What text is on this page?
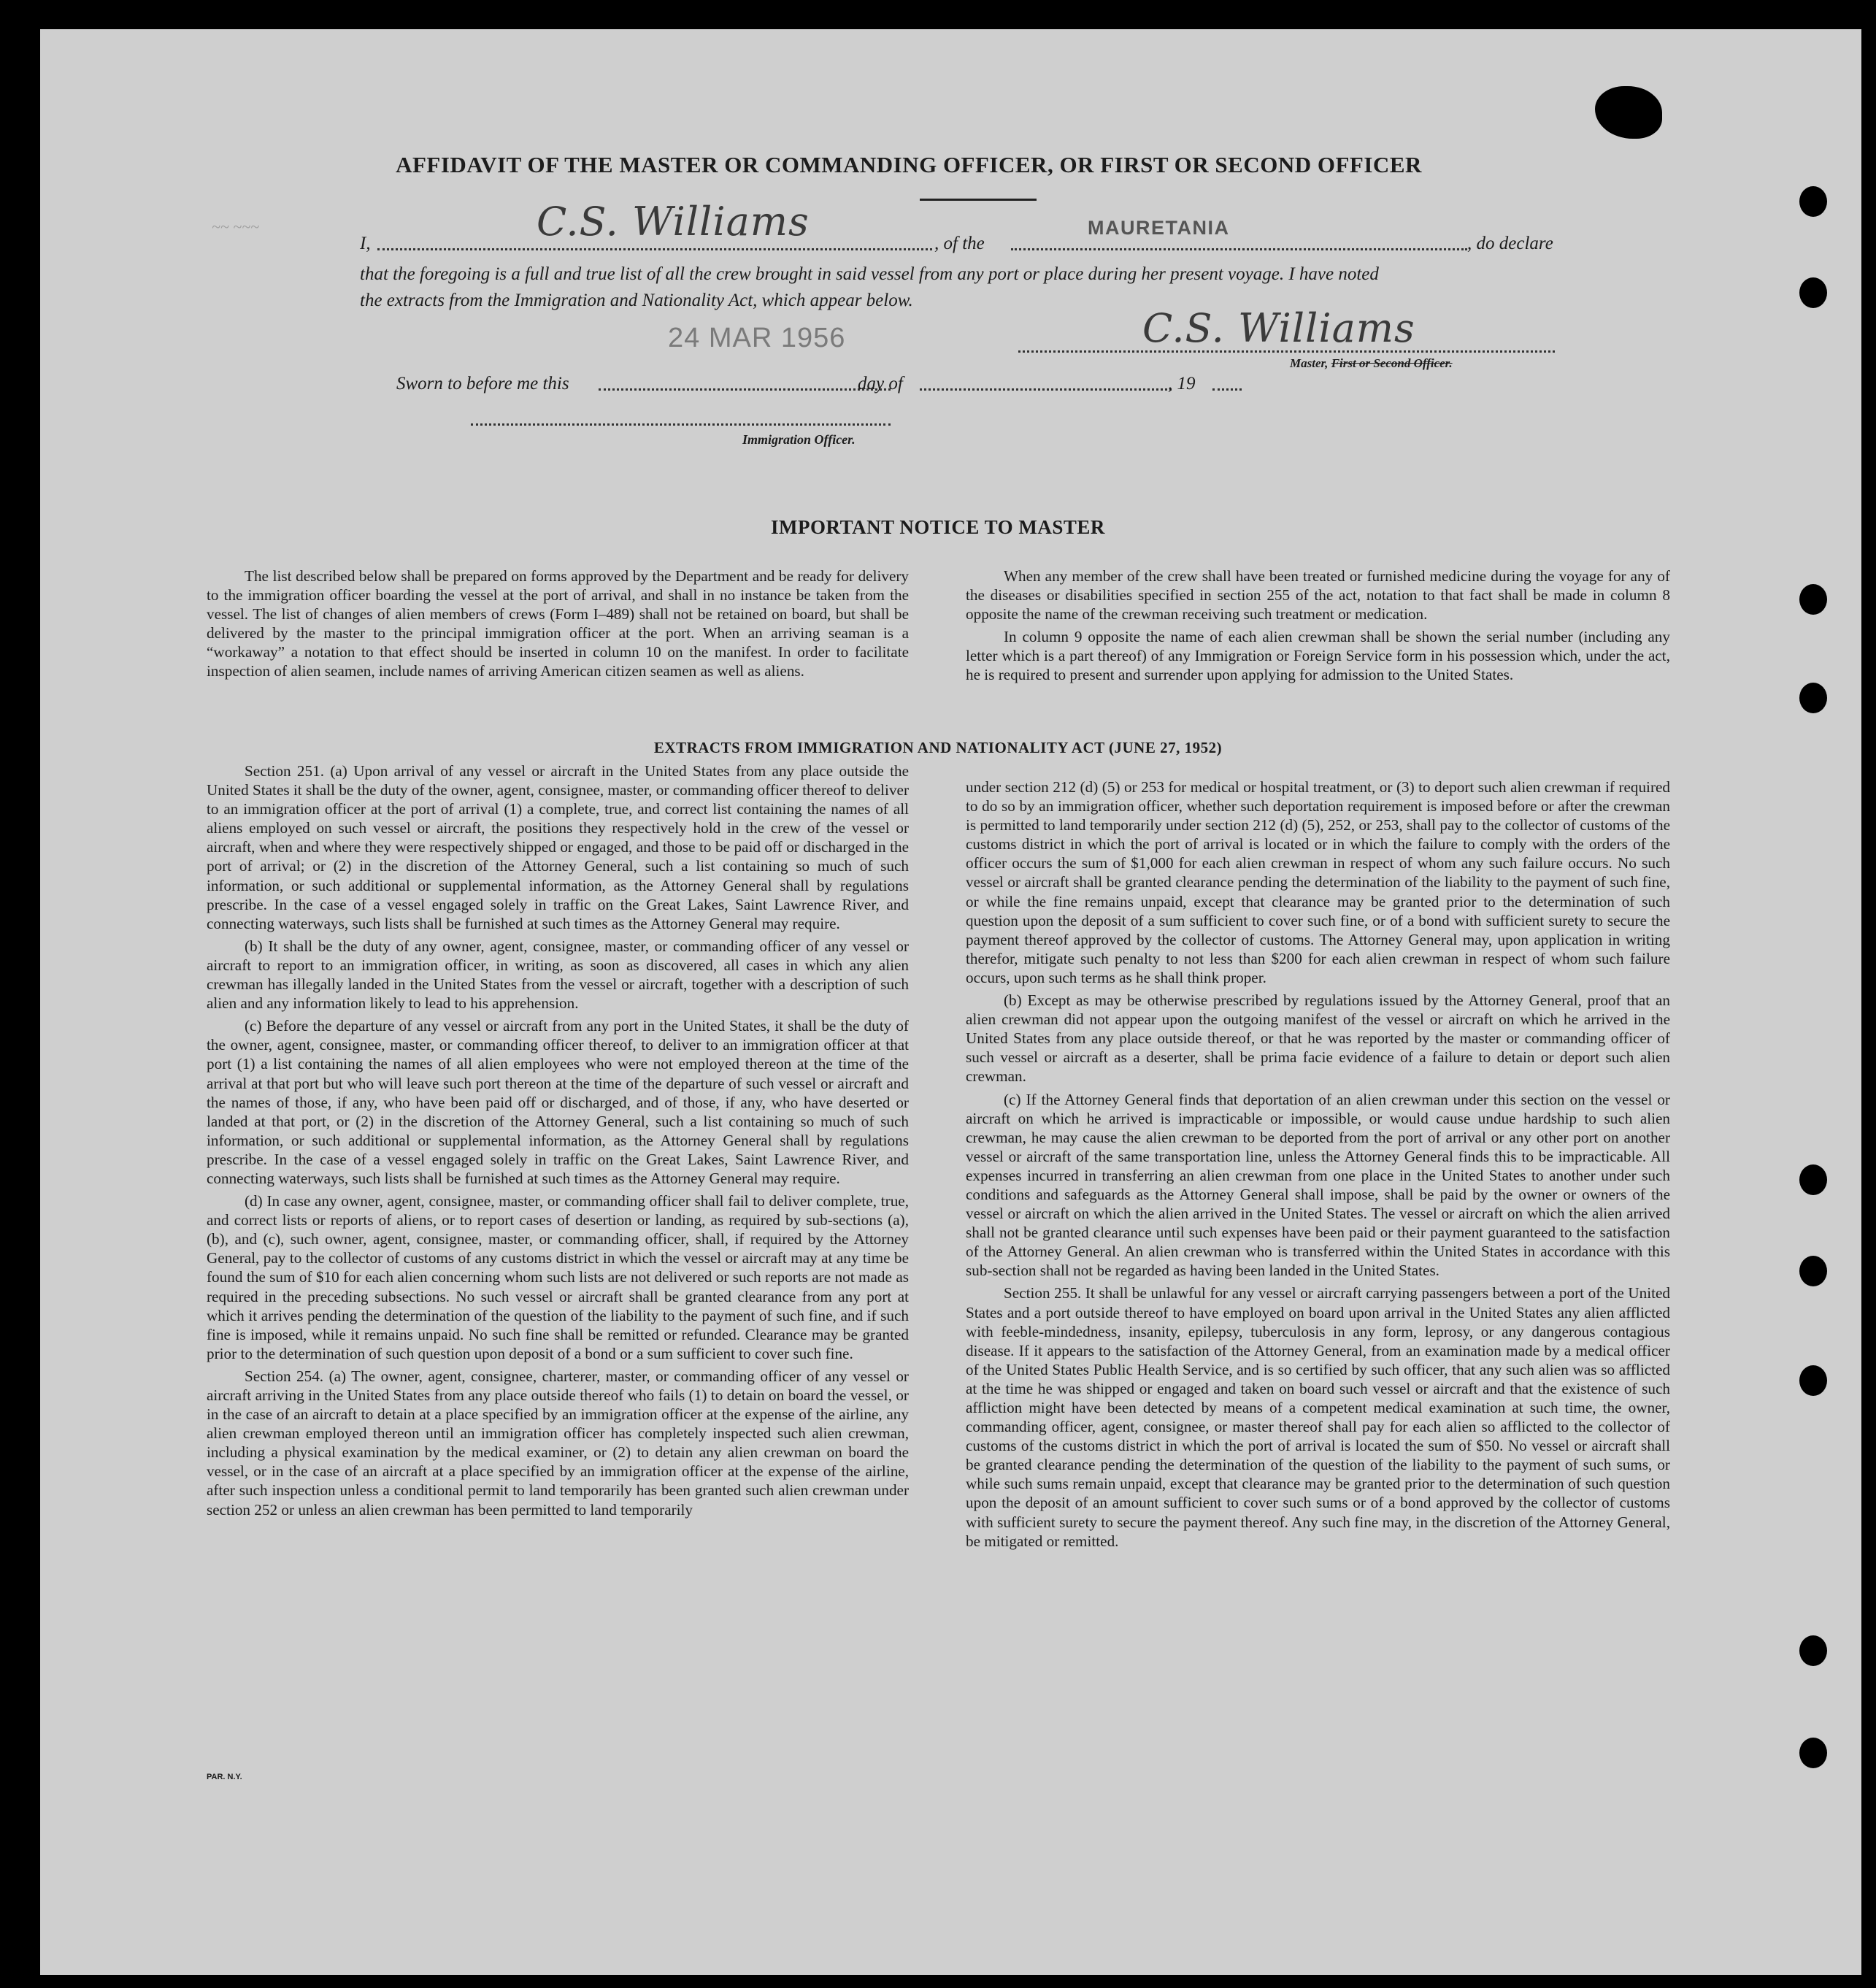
AFFIDAVIT OF THE MASTER OR COMMANDING OFFICER, OR FIRST OR SECOND OFFICER
~~ ~~~
I,	C.S. Williams	, of the
MAURETANIA
, do declare
that the foregoing is a full and true list of all the crew brought in said vessel from any port or place during her present voyage. I have noted
the extracts from the Immigration and Nationality Act, which appear below.
24 MAR 1956	C.S. Williams
Master, First or Second Officer.
Sworn to before me this	day of	, 19
Immigration Officer.
IMPORTANT NOTICE TO MASTER

The list described below shall be prepared on forms approved by the Department and be ready for delivery to the immigration officer boarding the vessel at the port of arrival, and shall in no instance be taken from the vessel. The list of changes of alien members of crews (Form I–489) shall not be retained on board, but shall be delivered by the master to the principal immigration officer at the port. When an arriving seaman is a “workaway” a notation to that effect should be inserted in column 10 on the manifest. In order to facilitate inspection of alien seamen, include names of arriving American citizen seamen as well as aliens.

When any member of the crew shall have been treated or furnished medicine during the voyage for any of the diseases or disabilities specified in section 255 of the act, notation to that fact shall be made in column 8 opposite the name of the crewman receiving such treatment or medication.

In column 9 opposite the name of each alien crewman shall be shown the serial number (including any letter which is a part thereof) of any Immigration or Foreign Service form in his possession which, under the act, he is required to present and surrender upon applying for admission to the United States.

EXTRACTS FROM IMMIGRATION AND NATIONALITY ACT (JUNE 27, 1952)

Section 251. (a) Upon arrival of any vessel or aircraft in the United States from any place outside the United States it shall be the duty of the owner, agent, consignee, master, or commanding officer thereof to deliver to an immigration officer at the port of arrival (1) a complete, true, and correct list containing the names of all aliens employed on such vessel or aircraft, the positions they respectively hold in the crew of the vessel or aircraft, when and where they were respectively shipped or engaged, and those to be paid off or discharged in the port of arrival; or (2) in the discretion of the Attorney General, such a list containing so much of such information, or such additional or supplemental information, as the Attorney General shall by regulations prescribe. In the case of a vessel engaged solely in traffic on the Great Lakes, Saint Lawrence River, and connecting waterways, such lists shall be furnished at such times as the Attorney General may require.

(b) It shall be the duty of any owner, agent, consignee, master, or commanding officer of any vessel or aircraft to report to an immigration officer, in writing, as soon as discovered, all cases in which any alien crewman has illegally landed in the United States from the vessel or aircraft, together with a description of such alien and any information likely to lead to his apprehension.

(c) Before the departure of any vessel or aircraft from any port in the United States, it shall be the duty of the owner, agent, consignee, master, or commanding officer thereof, to deliver to an immigration officer at that port (1) a list containing the names of all alien employees who were not employed thereon at the time of the arrival at that port but who will leave such port thereon at the time of the departure of such vessel or aircraft and the names of those, if any, who have been paid off or discharged, and of those, if any, who have deserted or landed at that port, or (2) in the discretion of the Attorney General, such a list containing so much of such information, or such additional or supplemental information, as the Attorney General shall by regulations prescribe. In the case of a vessel engaged solely in traffic on the Great Lakes, Saint Lawrence River, and connecting waterways, such lists shall be furnished at such times as the Attorney General may require.

(d) In case any owner, agent, consignee, master, or commanding officer shall fail to deliver complete, true, and correct lists or reports of aliens, or to report cases of desertion or landing, as required by sub-sections (a), (b), and (c), such owner, agent, consignee, master, or commanding officer, shall, if required by the Attorney General, pay to the collector of customs of any customs district in which the vessel or aircraft may at any time be found the sum of $10 for each alien concerning whom such lists are not delivered or such reports are not made as required in the preceding subsections. No such vessel or aircraft shall be granted clearance from any port at which it arrives pending the determination of the question of the liability to the payment of such fine, and if such fine is imposed, while it remains unpaid. No such fine shall be remitted or refunded. Clearance may be granted prior to the determination of such question upon deposit of a bond or a sum sufficient to cover such fine.

Section 254. (a) The owner, agent, consignee, charterer, master, or commanding officer of any vessel or aircraft arriving in the United States from any place outside thereof who fails (1) to detain on board the vessel, or in the case of an aircraft to detain at a place specified by an immigration officer at the expense of the airline, any alien crewman employed thereon until an immigration officer has completely inspected such alien crewman, including a physical examination by the medical examiner, or (2) to detain any alien crewman on board the vessel, or in the case of an aircraft at a place specified by an immigration officer at the expense of the airline, after such inspection unless a conditional permit to land temporarily has been granted such alien crewman under section 252 or unless an alien crewman has been permitted to land temporarily

under section 212 (d) (5) or 253 for medical or hospital treatment, or (3) to deport such alien crewman if required to do so by an immigration officer, whether such deportation requirement is imposed before or after the crewman is permitted to land temporarily under section 212 (d) (5), 252, or 253, shall pay to the collector of customs of the customs district in which the port of arrival is located or in which the failure to comply with the orders of the officer occurs the sum of $1,000 for each alien crewman in respect of whom any such failure occurs. No such vessel or aircraft shall be granted clearance pending the determination of the liability to the payment of such fine, or while the fine remains unpaid, except that clearance may be granted prior to the determination of such question upon the deposit of a sum sufficient to cover such fine, or of a bond with sufficient surety to secure the payment thereof approved by the collector of customs. The Attorney General may, upon application in writing therefor, mitigate such penalty to not less than $200 for each alien crewman in respect of whom such failure occurs, upon such terms as he shall think proper.

(b) Except as may be otherwise prescribed by regulations issued by the Attorney General, proof that an alien crewman did not appear upon the outgoing manifest of the vessel or aircraft on which he arrived in the United States from any place outside thereof, or that he was reported by the master or commanding officer of such vessel or aircraft as a deserter, shall be prima facie evidence of a failure to detain or deport such alien crewman.

(c) If the Attorney General finds that deportation of an alien crewman under this section on the vessel or aircraft on which he arrived is impracticable or impossible, or would cause undue hardship to such alien crewman, he may cause the alien crewman to be deported from the port of arrival or any other port on another vessel or aircraft of the same transportation line, unless the Attorney General finds this to be impracticable. All expenses incurred in transferring an alien crewman from one place in the United States to another under such conditions and safeguards as the Attorney General shall impose, shall be paid by the owner or owners of the vessel or aircraft on which the alien arrived in the United States. The vessel or aircraft on which the alien arrived shall not be granted clearance until such expenses have been paid or their payment guaranteed to the satisfaction of the Attorney General. An alien crewman who is transferred within the United States in accordance with this sub-section shall not be regarded as having been landed in the United States.

Section 255. It shall be unlawful for any vessel or aircraft carrying passengers between a port of the United States and a port outside thereof to have employed on board upon arrival in the United States any alien afflicted with feeble-mindedness, insanity, epilepsy, tuberculosis in any form, leprosy, or any dangerous contagious disease. If it appears to the satisfaction of the Attorney General, from an examination made by a medical officer of the United States Public Health Service, and is so certified by such officer, that any such alien was so afflicted at the time he was shipped or engaged and taken on board such vessel or aircraft and that the existence of such affliction might have been detected by means of a competent medical examination at such time, the owner, commanding officer, agent, consignee, or master thereof shall pay for each alien so afflicted to the collector of customs of the customs district in which the port of arrival is located the sum of $50. No vessel or aircraft shall be granted clearance pending the determination of the question of the liability to the payment of such sums, or while such sums remain unpaid, except that clearance may be granted prior to the determination of such question upon the deposit of an amount sufficient to cover such sums or of a bond approved by the collector of customs with sufficient surety to secure the payment thereof. Any such fine may, in the discretion of the Attorney General, be mitigated or remitted.

PAR. N.Y.
